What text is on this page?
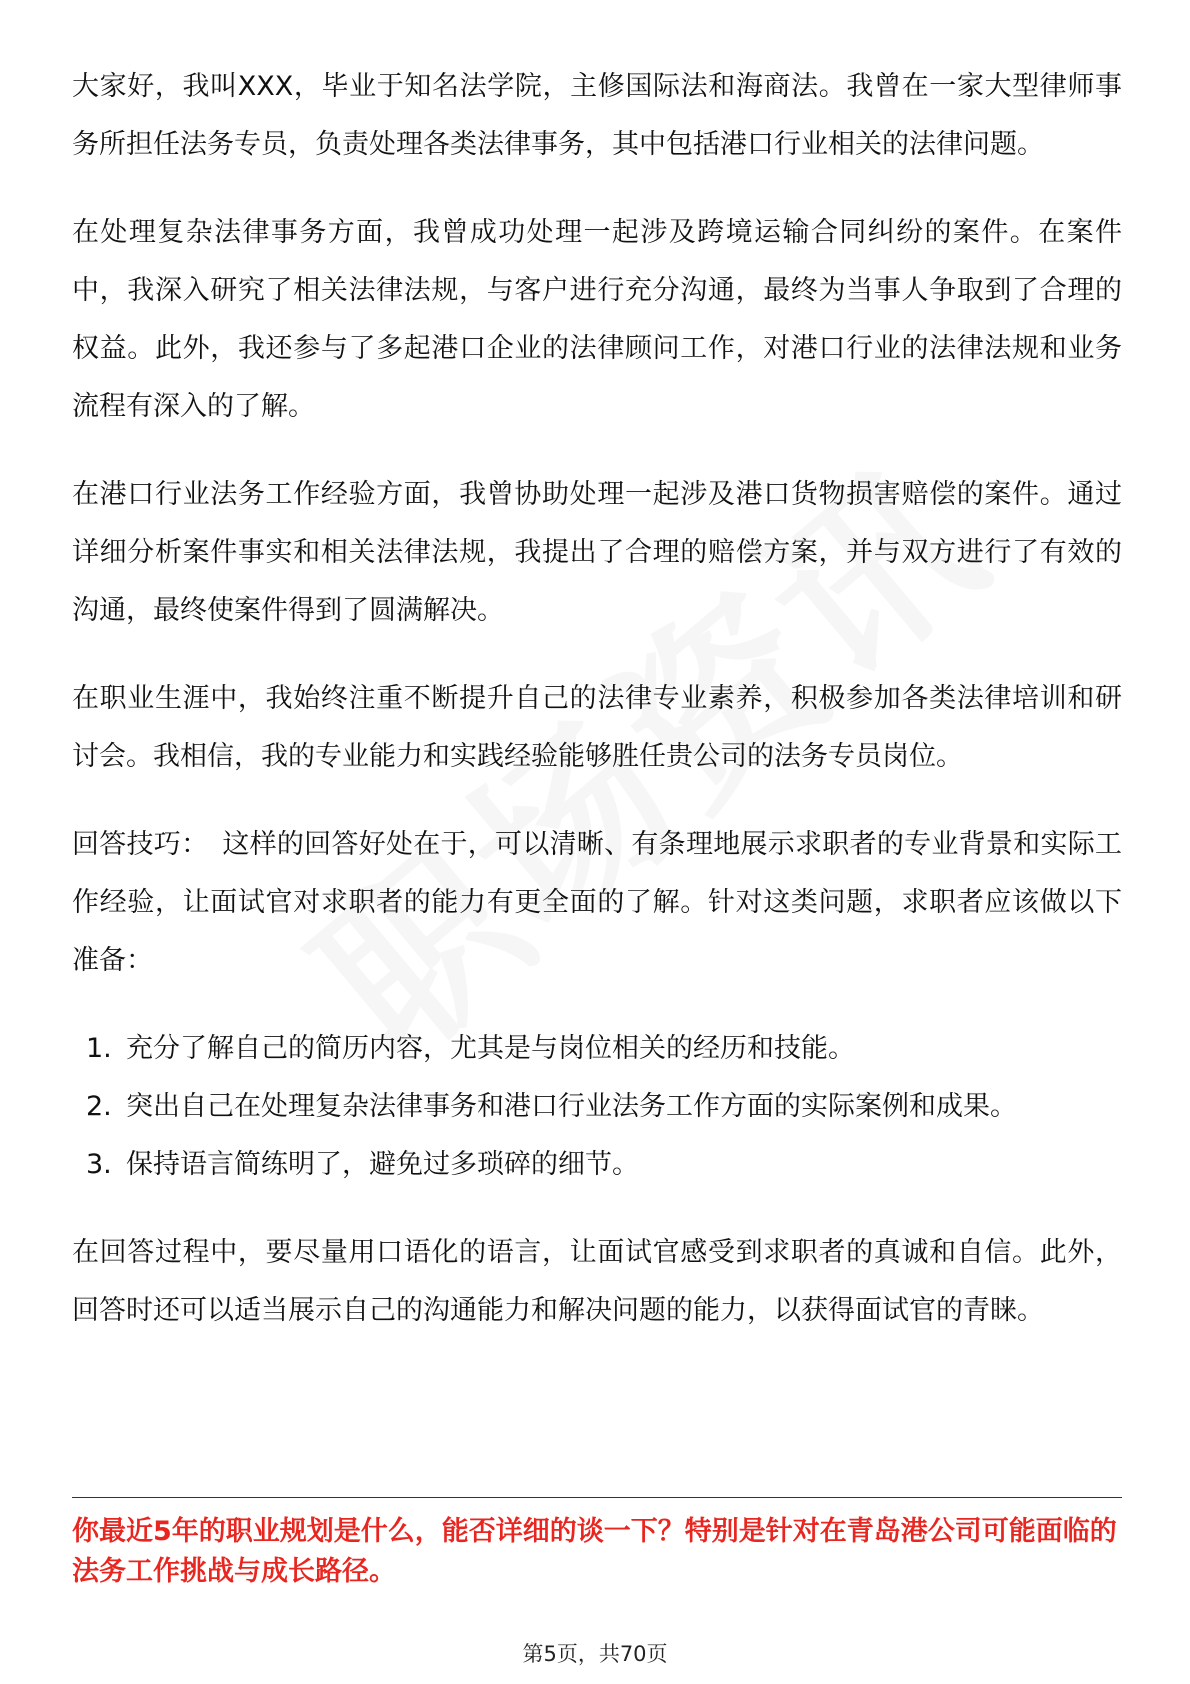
大家好，我叫XXX，毕业于知名法学院，主修国际法和海商法。我曾在一家大型律师事务所担任法务专员，负责处理各类法律事务，其中包括港口行业相关的法律问题。

在处理复杂法律事务方面，我曾成功处理一起涉及跨境运输合同纠纷的案件。在案件中，我深入研究了相关法律法规，与客户进行充分沟通，最终为当事人争取到了合理的权益。此外，我还参与了多起港口企业的法律顾问工作，对港口行业的法律法规和业务流程有深入的了解。

在港口行业法务工作经验方面，我曾协助处理一起涉及港口货物损害赔偿的案件。通过详细分析案件事实和相关法律法规，我提出了合理的赔偿方案，并与双方进行了有效的沟通，最终使案件得到了圆满解决。

在职业生涯中，我始终注重不断提升自己的法律专业素养，积极参加各类法律培训和研讨会。我相信，我的专业能力和实践经验能够胜任贵公司的法务专员岗位。

回答技巧： 这样的回答好处在于，可以清晰、有条理地展示求职者的专业背景和实际工作经验，让面试官对求职者的能力有更全面的了解。针对这类问题，求职者应该做以下准备：

1. 充分了解自己的简历内容，尤其是与岗位相关的经历和技能。
2. 突出自己在处理复杂法律事务和港口行业法务工作方面的实际案例和成果。
3. 保持语言简练明了，避免过多琐碎的细节。

在回答过程中，要尽量用口语化的语言，让面试官感受到求职者的真诚和自信。此外，回答时还可以适当展示自己的沟通能力和解决问题的能力，以获得面试官的青睐。

你最近5年的职业规划是什么，能否详细的谈一下？特别是针对在青岛港公司可能面临的法务工作挑战与成长路径。
第5页，共70页
